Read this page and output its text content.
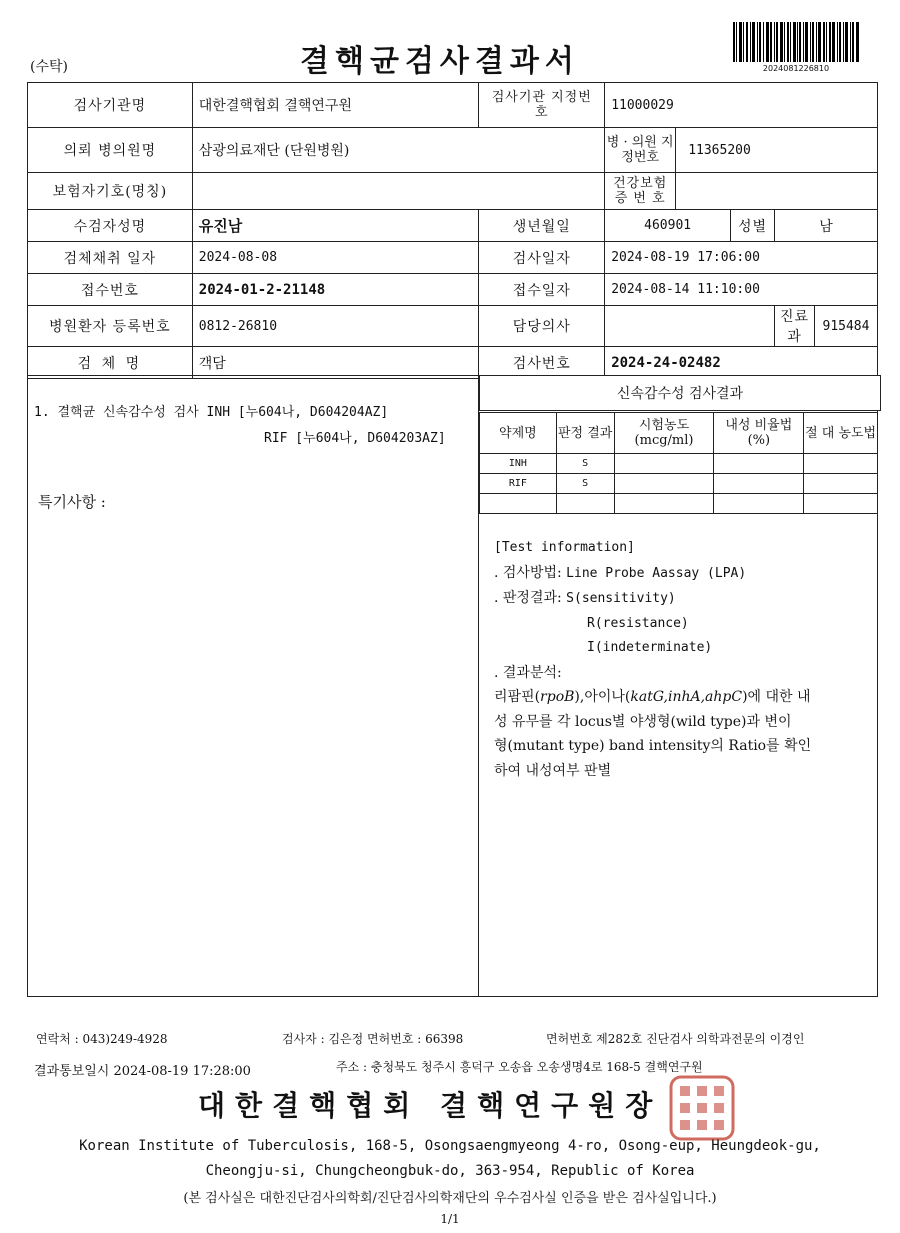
(수탁)	결핵균검사결과서	2024081226810
검사기관명	대한결핵협회 결핵연구원	검사기관 지정번호	11000029			
의뢰 병의원명	삼광의료재단 (단원병원)		병 · 의원 지정번호 11365200			

보험자기호(명칭)			건강보험 증 번 호			

수검자성명	유진남	생년월일	460901	성별	남	
검체채취 일자	2024-08-08	검사일자	2024-08-19 17:06:00			
접수번호	2024-01-2-21148	접수일자	2024-08-14 11:10:00			
병원환자 등록번호	0812-26810	담당의사			진료과	915484
검 체 명	객담	검사번호	2024-24-02482			
1. 결핵균 신속감수성 검사 INH [누604나, D604204AZ]
RIF [누604나, D604203AZ]
특기사항 :
신속감수성 검사결과
약제명	판정 결과	시험농도 (mcg/ml)	내성 비율법(%)	절 대 농도법
INH	S			
RIF	S			

[Test information]
. 검사방법: Line Probe Aassay (LPA)
. 판정결과: S(sensitivity)
R(resistance)
I(indeterminate)
. 결과분석:
리팜핀(rpoB),아이나(katG,inhA,ahpC)에 대한 내
성 유무를 각 locus별 야생형(wild type)과 변이
형(mutant type) band intensity의 Ratio를 확인
하여 내성여부 판별
연락처 : 043)249-4928	검사자 : 김은정 면허번호 : 66398	면허번호 제282호 진단검사 의학과전문의 이경인
결과통보일시 2024-08-19 17:28:00	주소 : 충청북도 청주시 흥덕구 오송읍 오송생명4로 168-5 결핵연구원
대한결핵협회 결핵연구원장
Korean Institute of Tuberculosis, 168-5, Osongsaengmyeong 4-ro, Osong-eup, Heungdeok-gu,
Cheongju-si, Chungcheongbuk-do, 363-954, Republic of Korea
(본 검사실은 대한진단검사의학회/진단검사의학재단의 우수검사실 인증을 받은 검사실입니다.)
1/1
